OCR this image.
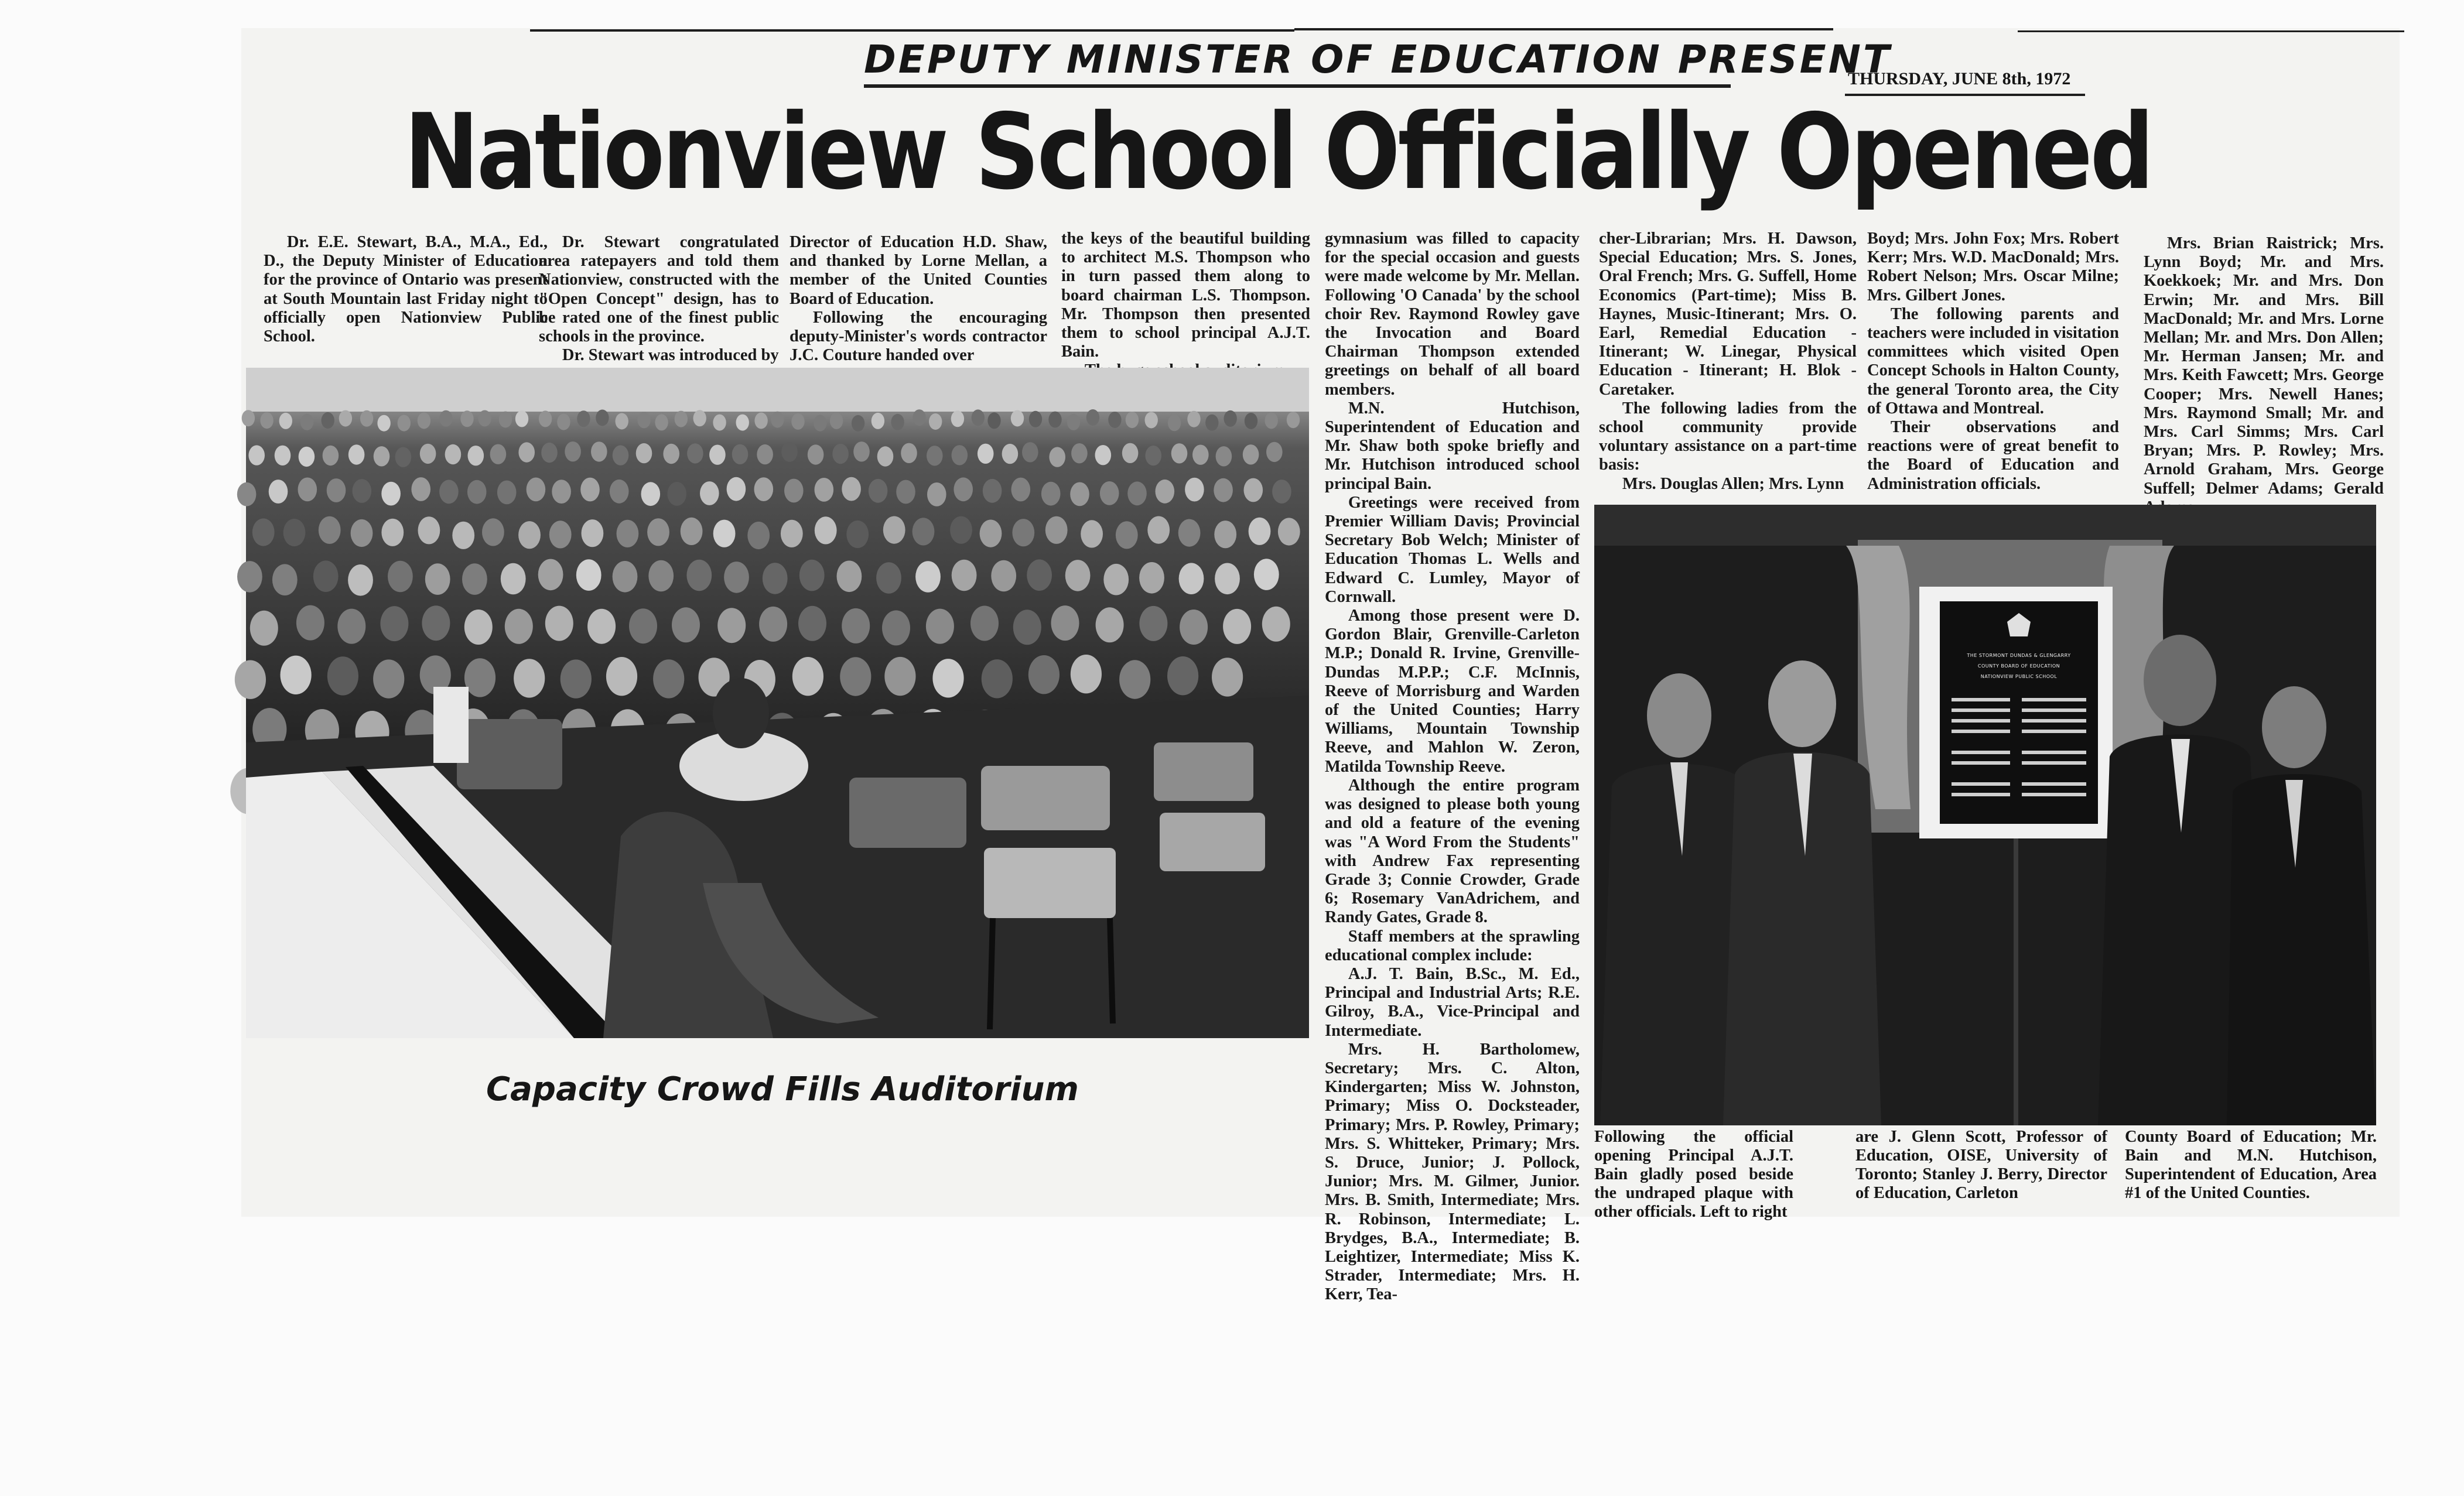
DEPUTY MINISTER OF EDUCATION PRESENT
THURSDAY, JUNE 8th, 1972
Nationview School Officially Opened

Dr. E.E. Stewart, B.A., M.A., Ed., D., the Deputy Minister of Education for the province of Ontario was present at South Mountain last Friday night to officially open Nationview Public School.

Dr. Stewart congratulated area ratepayers and told them Nationview, constructed with the "Open Concept" design, has to be rated one of the finest public schools in the province.

Dr. Stewart was introduced by

Director of Education H.D. Shaw, and thanked by Lorne Mellan, a member of the United Counties Board of Education.

Following the encouraging deputy-Minister's words contractor J.C. Couture handed over

the keys of the beautiful building to architect M.S. Thompson who in turn passed them along to board chairman L.S. Thompson. Mr. Thompson then presented them to school principal A.J.T. Bain.

Capacity Crowd Fills Auditorium

gymnasium was filled to capacity for the special occasion and guests were made welcome by Mr. Mellan. Following 'O Canada' by the school choir Rev. Raymond Rowley gave the Invocation and Board Chairman Thompson extended greetings on behalf of all board members.

M.N. Hutchison, Superintendent of Education and Mr. Shaw both spoke briefly and Mr. Hutchison introduced school principal Bain.

Greetings were received from Premier William Davis; Provincial Secretary Bob Welch; Minister of Education Thomas L. Wells and Edward C. Lumley, Mayor of Cornwall.

Among those present were D. Gordon Blair, Grenville-Carleton M.P.; Donald R. Irvine, Grenville-Dundas M.P.P.; C.F. McInnis, Reeve of Morrisburg and Warden of the United Counties; Harry Williams, Mountain Township Reeve, and Mahlon W. Zeron, Matilda Township Reeve.

Although the entire program was designed to please both young and old a feature of the evening was "A Word From the Students" with Andrew Fax representing Grade 3; Connie Crowder, Grade 6; Rosemary VanAdrichem, and Randy Gates, Grade 8.

Staff members at the sprawling educational complex include:

A.J. T. Bain, B.Sc., M. Ed., Principal and Industrial Arts; R.E. Gilroy, B.A., Vice-Principal and Intermediate.

Mrs. H. Bartholomew, Secretary; Mrs. C. Alton, Kindergarten; Miss W. Johnston, Primary; Miss O. Docksteader, Primary; Mrs. P. Rowley, Primary; Mrs. S. Whitteker, Primary; Mrs. S. Druce, Junior; J. Pollock, Junior; Mrs. M. Gilmer, Junior. Mrs. B. Smith, Intermediate; Mrs. R. Robinson, Intermediate; L. Brydges, B.A., Intermediate; B. Leightizer, Intermediate; Miss K. Strader, Intermediate; Mrs. H. Kerr, Tea-

cher-Librarian; Mrs. H. Dawson, Special Education; Mrs. S. Jones, Oral French; Mrs. G. Suffell, Home Economics (Part-time); Miss B. Haynes, Music-Itinerant; Mrs. O. Earl, Remedial Education - Itinerant; W. Linegar, Physical Education - Itinerant; H. Blok - Caretaker.

The following ladies from the school community provide voluntary assistance on a part-time basis:

Mrs. Douglas Allen; Mrs. Lynn

Boyd; Mrs. John Fox; Mrs. Robert Kerr; Mrs. W.D. MacDonald; Mrs. Robert Nelson; Mrs. Oscar Milne; Mrs. Gilbert Jones.

The following parents and teachers were included in visitation committees which visited Open Concept Schools in Halton County, the general Toronto area, the City of Ottawa and Montreal.

Their observations and reactions were of great benefit to the Board of Education and Administration officials.

Mrs. Brian Raistrick; Mrs. Lynn Boyd; Mr. and Mrs. Koekkoek; Mr. and Mrs. Don Erwin; Mr. and Mrs. Bill MacDonald; Mr. and Mrs. Lorne Mellan; Mr. and Mrs. Don Allen; Mr. Herman Jansen; Mr. and Mrs. Keith Fawcett; Mrs. George Cooper; Mrs. Newell Hanes; Mrs. Raymond Small; Mr. and Mrs. Carl Simms; Mrs. Carl Bryan; Mrs. P. Rowley; Mrs. Arnold Graham, Mrs. George Suffell; Delmer Adams; Gerald

THE STORMONT DUNDAS & GLENGARRY
COUNTY BOARD OF EDUCATION
NATIONVIEW PUBLIC SCHOOL
Following the official opening Principal A.J.T. Bain gladly posed beside the undraped plaque with other officials. Left to right
are J. Glenn Scott, Professor of Education, OISE, University of Toronto; Stanley J. Berry, Director of Education, Carleton
County Board of Education; Mr. Bain and M.N. Hutchison, Superintendent of Education, Area #1 of the United Counties.
